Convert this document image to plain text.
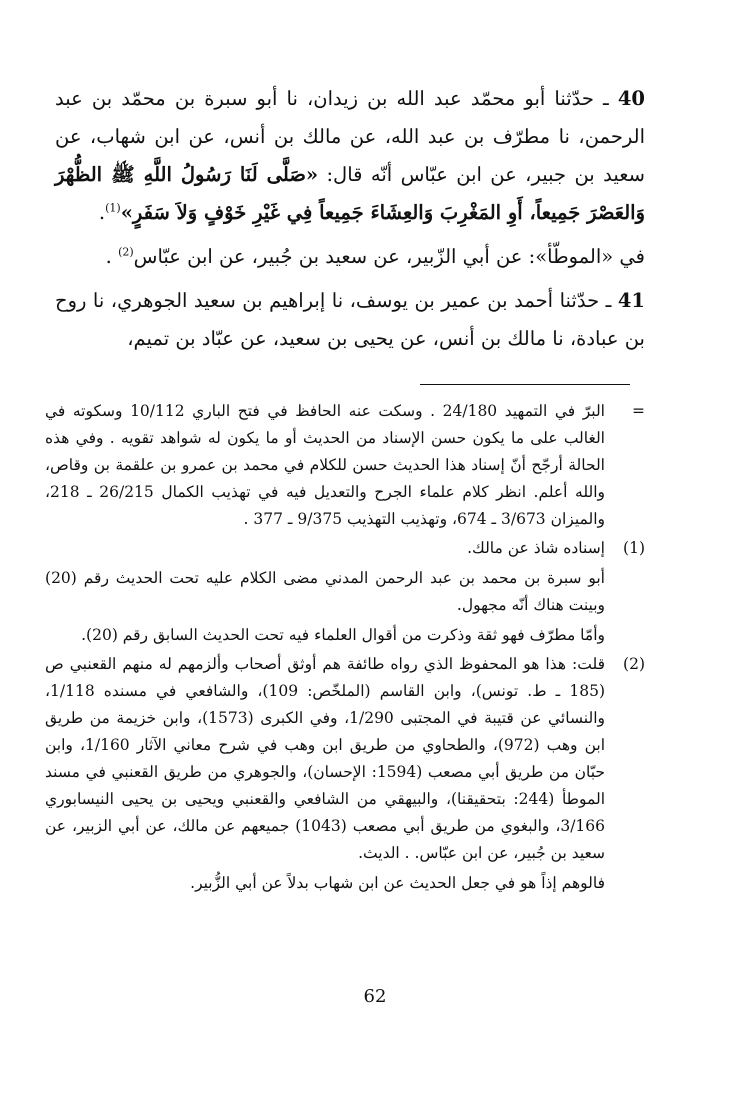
40 ـ حدّثنا أبو محمّد عبد الله بن زيدان، نا أبو سبرة بن محمّد بن عبد الرحمن، نا مطرّف بن عبد الله، عن مالك بن أنس، عن ابن شهاب، عن سعيد بن جبير، عن ابن عبّاس أنّه قال: «صَلَّى لَنَا رَسُولُ اللَّهِ ﷺ الظُّهْرَ وَالعَصْرَ جَمِيعاً، أَوِ المَغْرِبَ وَالعِشَاءَ جَمِيعاً فِي غَيْرِ خَوْفٍ وَلاَ سَفَرٍ»$^{(1)}$.

في «الموطّأ»: عن أبي الزّبير، عن سعيد بن جُبير، عن ابن عبّاس$^{(2)}$ .

41 ـ حدّثنا أحمد بن عمير بن يوسف، نا إبراهيم بن سعيد الجوهري، نا روح بن عبادة، نا مالك بن أنس، عن يحيى بن سعيد، عن عبّاد بن تميم،

=

البرّ في التمهيد 24/180 . وسكت عنه الحافظ في فتح الباري 10/112 وسكوته في الغالب على ما يكون حسن الإسناد من الحديث أو ما يكون له شواهد تقويه . وفي هذه الحالة أرجّح أنّ إسناد هذا الحديث حسن للكلام في محمد بن عمرو بن علقمة بن وقاص، والله أعلم. انظر كلام علماء الجرح والتعديل فيه في تهذيب الكمال 26/215 ـ 218، والميزان 3/673 ـ 674، وتهذيب التهذيب 9/375 ـ 377 .

(1)

إسناده شاذ عن مالك.

أبو سبرة بن محمد بن عبد الرحمن المدني مضى الكلام عليه تحت الحديث رقم (20) وبينت هناك أنّه مجهول.

وأمّا مطرّف فهو ثقة وذكرت من أقوال العلماء فيه تحت الحديث السابق رقم (20).

(2)

قلت: هذا هو المحفوظ الذي رواه طائفة هم أوثق أصحاب وألزمهم له منهم القعنبي ص (185 ـ ط. تونس)، وابن القاسم (الملخّص: 109)، والشافعي في مسنده 1/118، والنسائي عن قتيبة في المجتبى 1/290، وفي الكبرى (1573)، وابن خزيمة من طريق ابن وهب (972)، والطحاوي من طريق ابن وهب في شرح معاني الآثار 1/160، وابن حبّان من طريق أبي مصعب (1594: الإحسان)، والجوهري من طريق القعنبي في مسند الموطأ (244: بتحقيقنا)، والبيهقي من الشافعي والقعنبي ويحيى بن يحيى النيسابوري 3/166، والبغوي من طريق أبي مصعب (1043) جميعهم عن مالك، عن أبي الزبير، عن سعيد بن جُبير، عن ابن عبّاس. . الديث.

فالوهم إذاً هو في جعل الحديث عن ابن شهاب بدلاً عن أبي الزُّبير.

62
